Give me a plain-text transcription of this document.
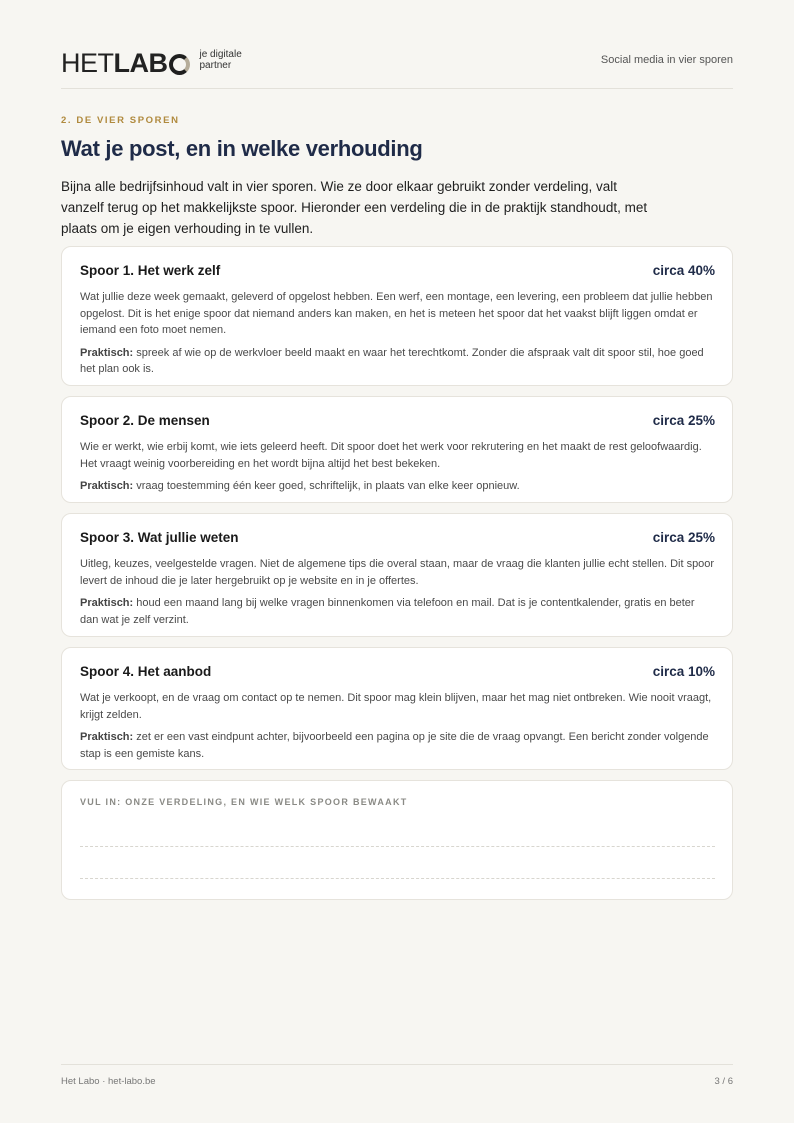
HETLAB	je digitale
partner	Social media in vier sporen
2. DE VIER SPOREN
Wat je post, en in welke verhouding

Bijna alle bedrijfsinhoud valt in vier sporen. Wie ze door elkaar gebruikt zonder verdeling, valt vanzelf terug op het makkelijkste spoor. Hieronder een verdeling die in de praktijk standhoudt, met plaats om je eigen verhouding in te vullen.

Spoor 1. Het werk zelf	circa 40%

Wat jullie deze week gemaakt, geleverd of opgelost hebben. Een werf, een montage, een levering, een probleem dat jullie hebben opgelost. Dit is het enige spoor dat niemand anders kan maken, en het is meteen het spoor dat het vaakst blijft liggen omdat er iemand een foto moet nemen.

Praktisch: spreek af wie op de werkvloer beeld maakt en waar het terechtkomt. Zonder die afspraak valt dit spoor stil, hoe goed het plan ook is.

Spoor 2. De mensen	circa 25%

Wie er werkt, wie erbij komt, wie iets geleerd heeft. Dit spoor doet het werk voor rekrutering en het maakt de rest geloofwaardig. Het vraagt weinig voorbereiding en het wordt bijna altijd het best bekeken.

Praktisch: vraag toestemming één keer goed, schriftelijk, in plaats van elke keer opnieuw.

Spoor 3. Wat jullie weten	circa 25%

Uitleg, keuzes, veelgestelde vragen. Niet de algemene tips die overal staan, maar de vraag die klanten jullie echt stellen. Dit spoor levert de inhoud die je later hergebruikt op je website en in je offertes.

Praktisch: houd een maand lang bij welke vragen binnenkomen via telefoon en mail. Dat is je contentkalender, gratis en beter dan wat je zelf verzint.

Spoor 4. Het aanbod	circa 10%

Wat je verkoopt, en de vraag om contact op te nemen. Dit spoor mag klein blijven, maar het mag niet ontbreken. Wie nooit vraagt, krijgt zelden.

Praktisch: zet er een vast eindpunt achter, bijvoorbeeld een pagina op je site die de vraag opvangt. Een bericht zonder volgende stap is een gemiste kans.

VUL IN: ONZE VERDELING, EN WIE WELK SPOOR BEWAAKT
Het Labo · het-labo.be	3 / 6
